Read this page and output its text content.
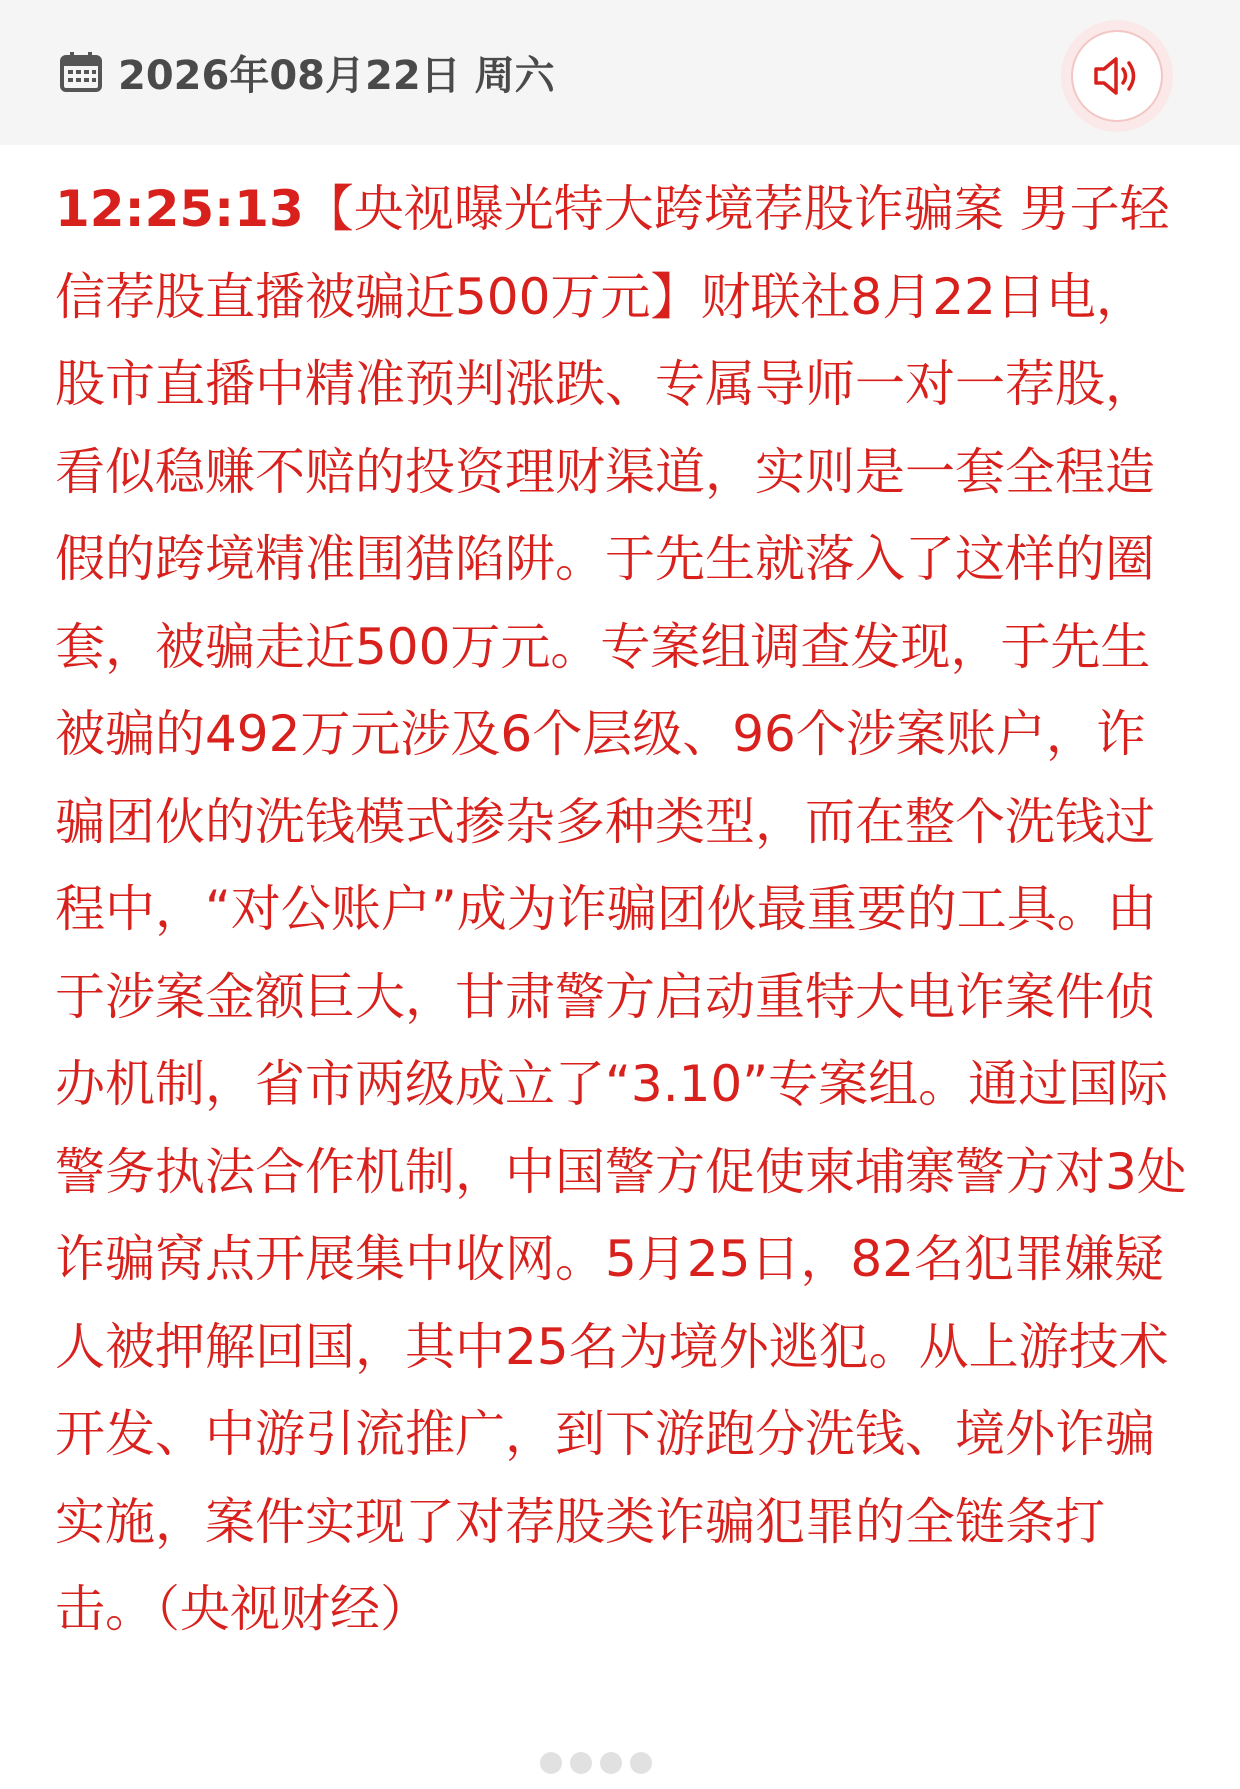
2026年08月22日 周六
12:25:13【央视曝光特大跨境荐股诈骗案 男子轻信荐股直播被骗近500万元】财联社8月22日电，股市直播中精准预判涨跌、专属导师一对一荐股，看似稳赚不赔的投资理财渠道，实则是一套全程造假的跨境精准围猎陷阱。于先生就落入了这样的圈套，被骗走近500万元。专案组调查发现，于先生被骗的492万元涉及6个层级、96个涉案账户，诈骗团伙的洗钱模式掺杂多种类型，而在整个洗钱过程中，“对公账户”成为诈骗团伙最重要的工具。由于涉案金额巨大，甘肃警方启动重特大电诈案件侦办机制，省市两级成立了“3.10”专案组。通过国际警务执法合作机制，中国警方促使柬埔寨警方对3处诈骗窝点开展集中收网。5月25日，82名犯罪嫌疑人被押解回国，其中25名为境外逃犯。从上游技术开发、中游引流推广，到下游跑分洗钱、境外诈骗实施，案件实现了对荐股类诈骗犯罪的全链条打击。（央视财经）
